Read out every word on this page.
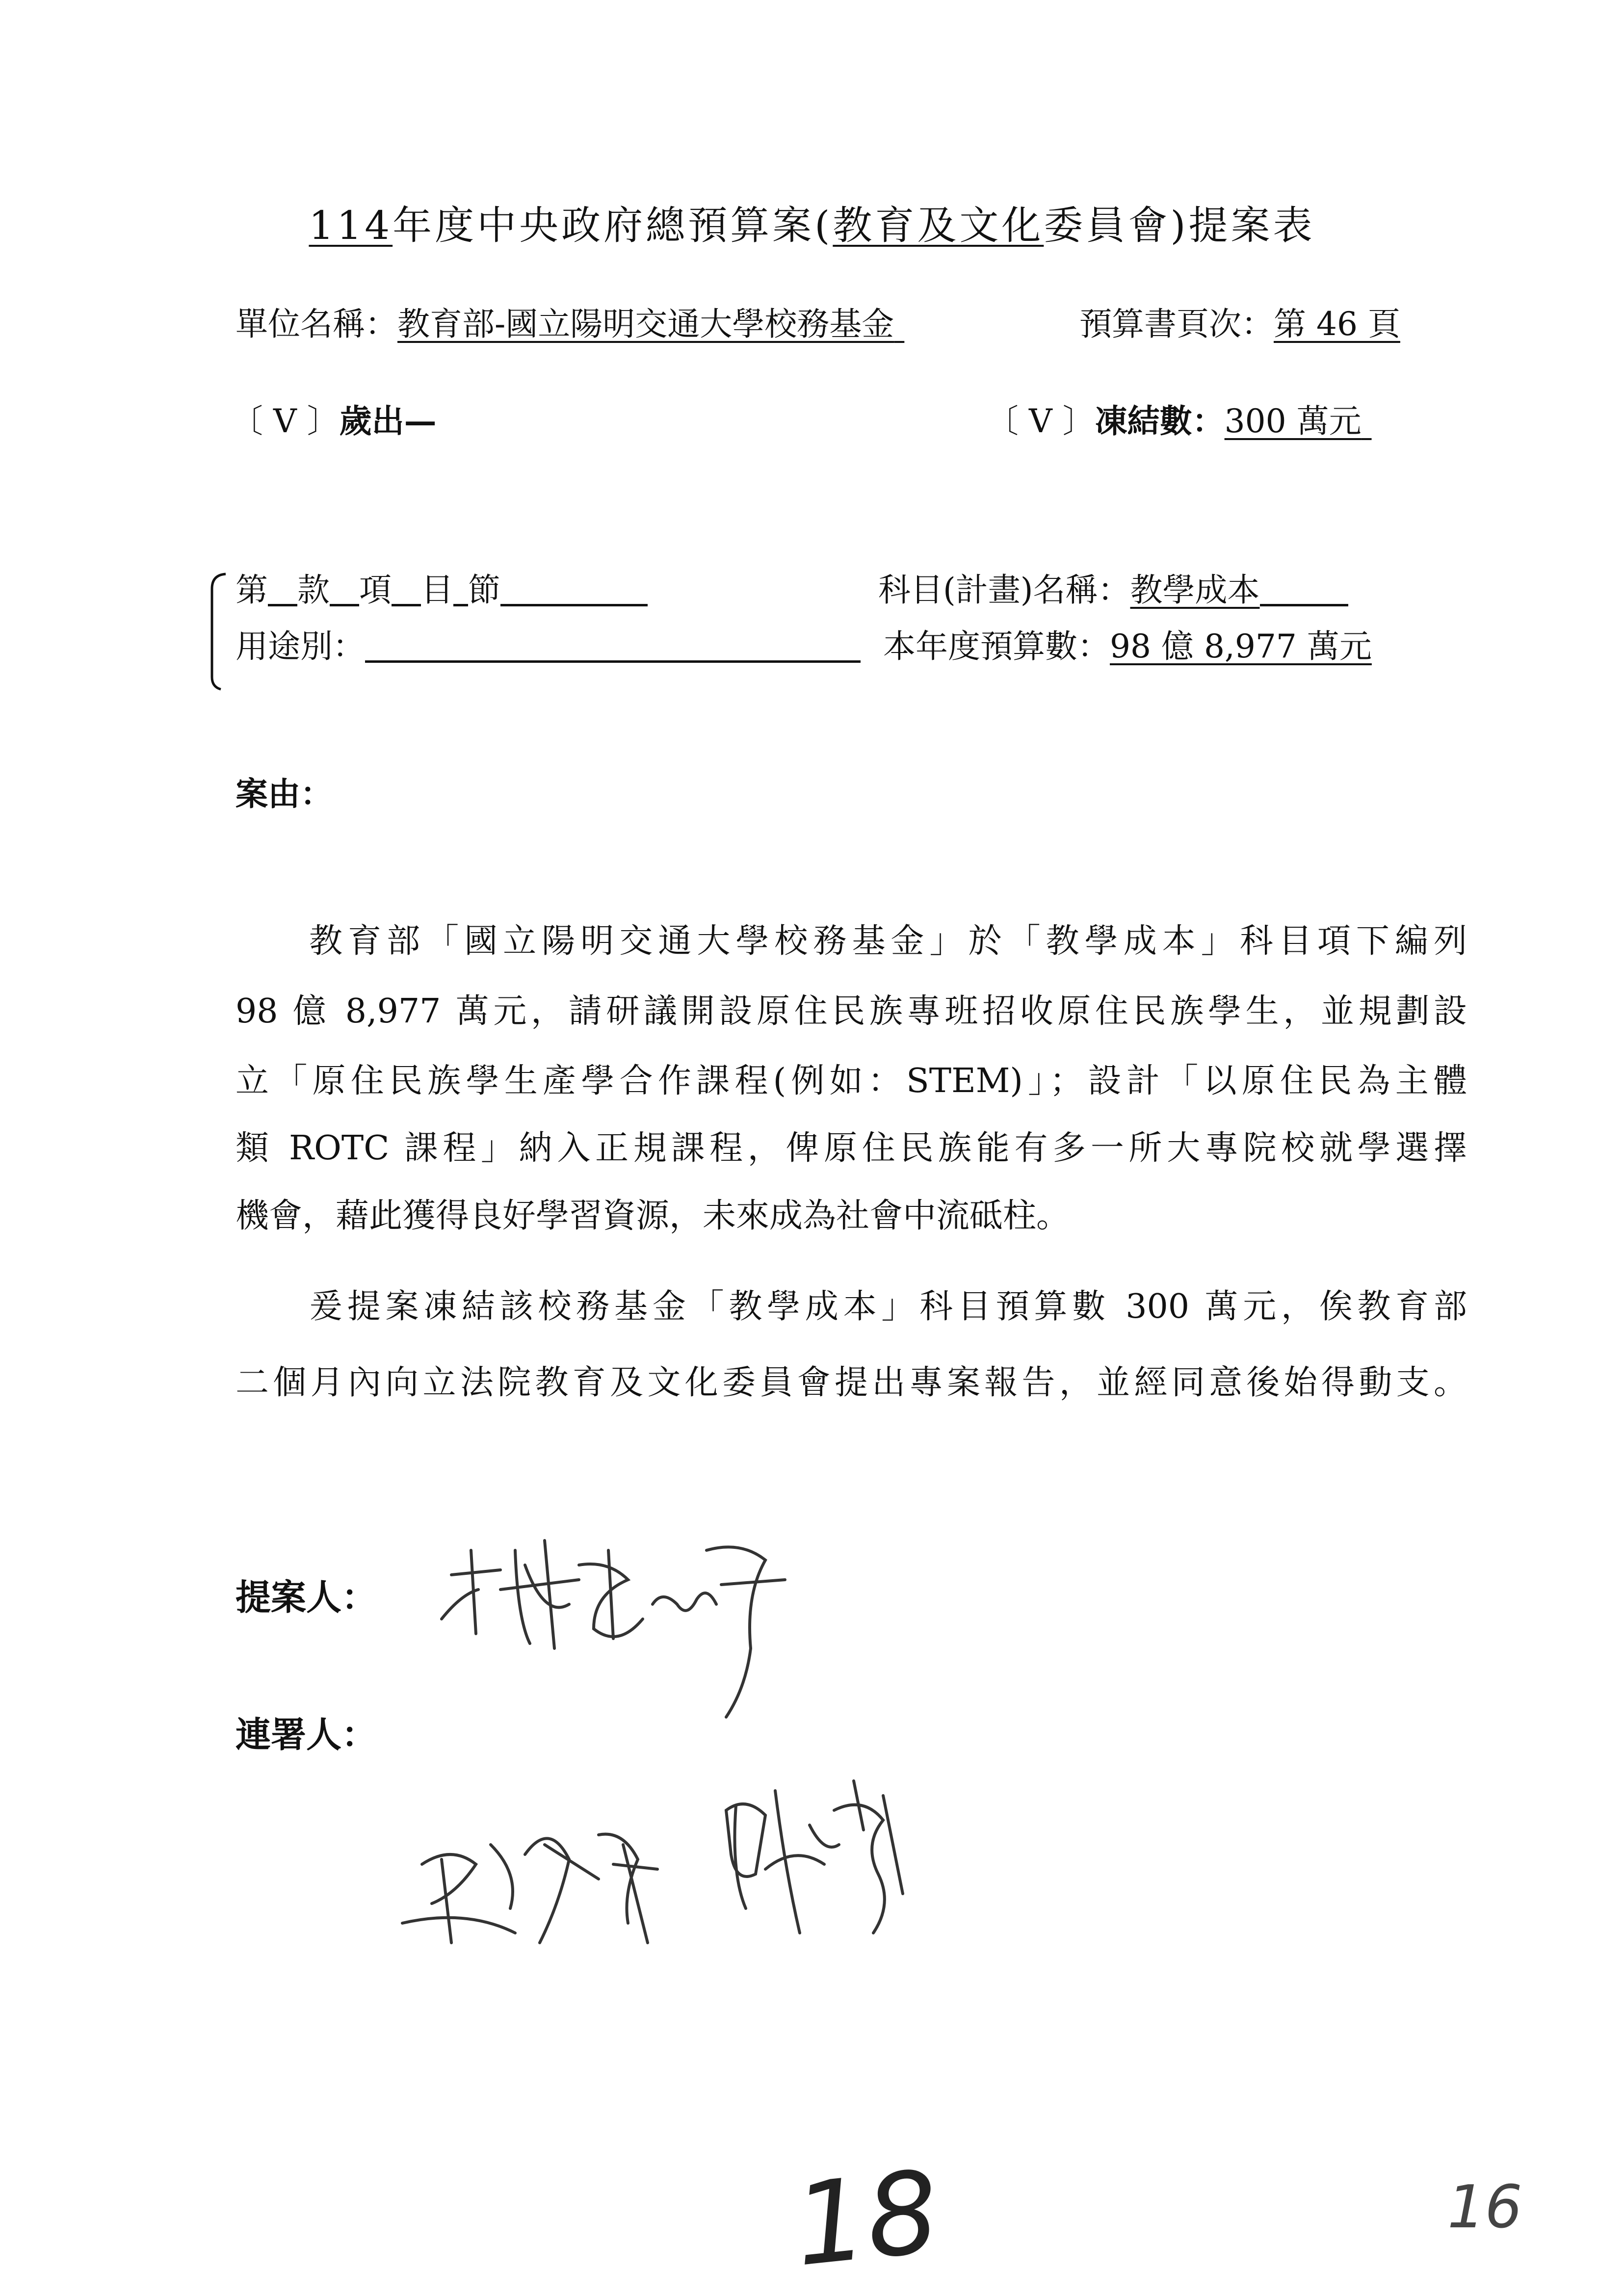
114年度中央政府總預算案(教育及文化委員會)提案表
單位名稱：教育部-國立陽明交通大學校務基金	預算書頁次：第 46 頁
〔 V 〕歲出—	〔 V 〕凍結數：300 萬元
第 款 項 目 節	科目(計畫)名稱：教學成本
用途別：	本年度預算數：98 億 8,977 萬元
案由：
教育部「國立陽明交通大學校務基金」於「教學成本」科目項下編列
98 億 8,977 萬元，請研議開設原住民族專班招收原住民族學生，並規劃設
立「原住民族學生產學合作課程(例如：STEM)」；設計「以原住民為主體
類 ROTC 課程」納入正規課程，俾原住民族能有多一所大專院校就學選擇
機會，藉此獲得良好學習資源，未來成為社會中流砥柱。
爰提案凍結該校務基金「教學成本」科目預算數 300 萬元，俟教育部
二個月內向立法院教育及文化委員會提出專案報告，並經同意後始得動支。
提案人：
連署人：
18	16
